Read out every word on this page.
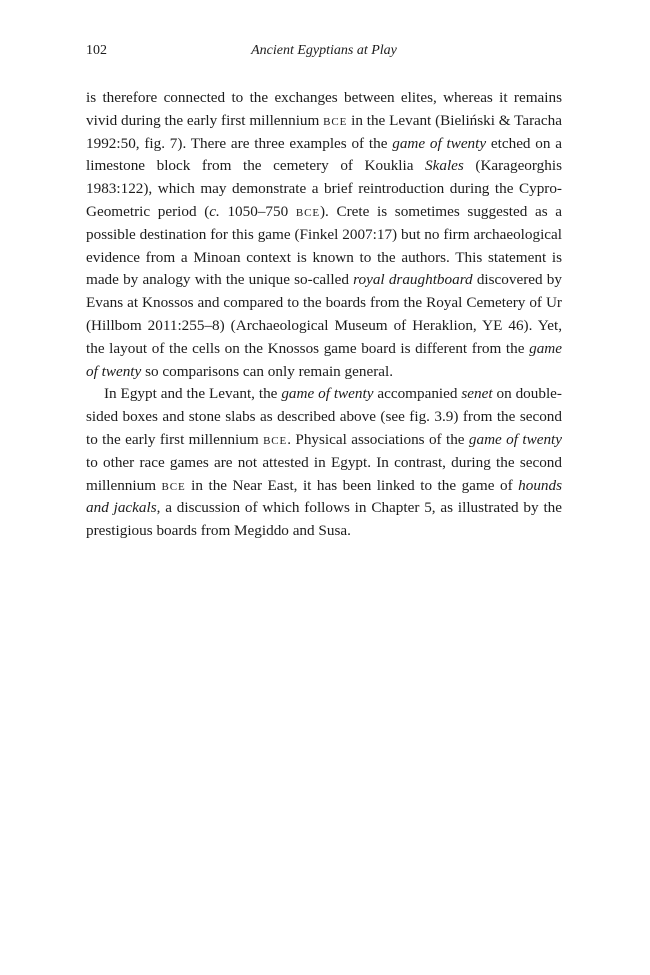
102	Ancient Egyptians at Play

is therefore connected to the exchanges between elites, whereas it remains vivid during the early first millennium bce in the Levant (Bieliński & Taracha 1992:50, fig. 7). There are three examples of the game of twenty etched on a limestone block from the cemetery of Kouklia Skales (Karageorghis 1983:122), which may demonstrate a brief reintroduction during the Cypro-Geometric period (c. 1050–750 bce). Crete is sometimes suggested as a possible destination for this game (Finkel 2007:17) but no firm archaeological evidence from a Minoan context is known to the authors. This statement is made by analogy with the unique so-called royal draughtboard discovered by Evans at Knossos and compared to the boards from the Royal Cemetery of Ur (Hillbom 2011:255–8) (Archaeological Museum of Heraklion, YE 46). Yet, the layout of the cells on the Knossos game board is different from the game of twenty so comparisons can only remain general.

In Egypt and the Levant, the game of twenty accompanied senet on double-sided boxes and stone slabs as described above (see fig. 3.9) from the second to the early first millennium bce. Physical associations of the game of twenty to other race games are not attested in Egypt. In contrast, during the second millennium bce in the Near East, it has been linked to the game of hounds and jackals, a discussion of which follows in Chapter 5, as illustrated by the prestigious boards from Megiddo and Susa.
